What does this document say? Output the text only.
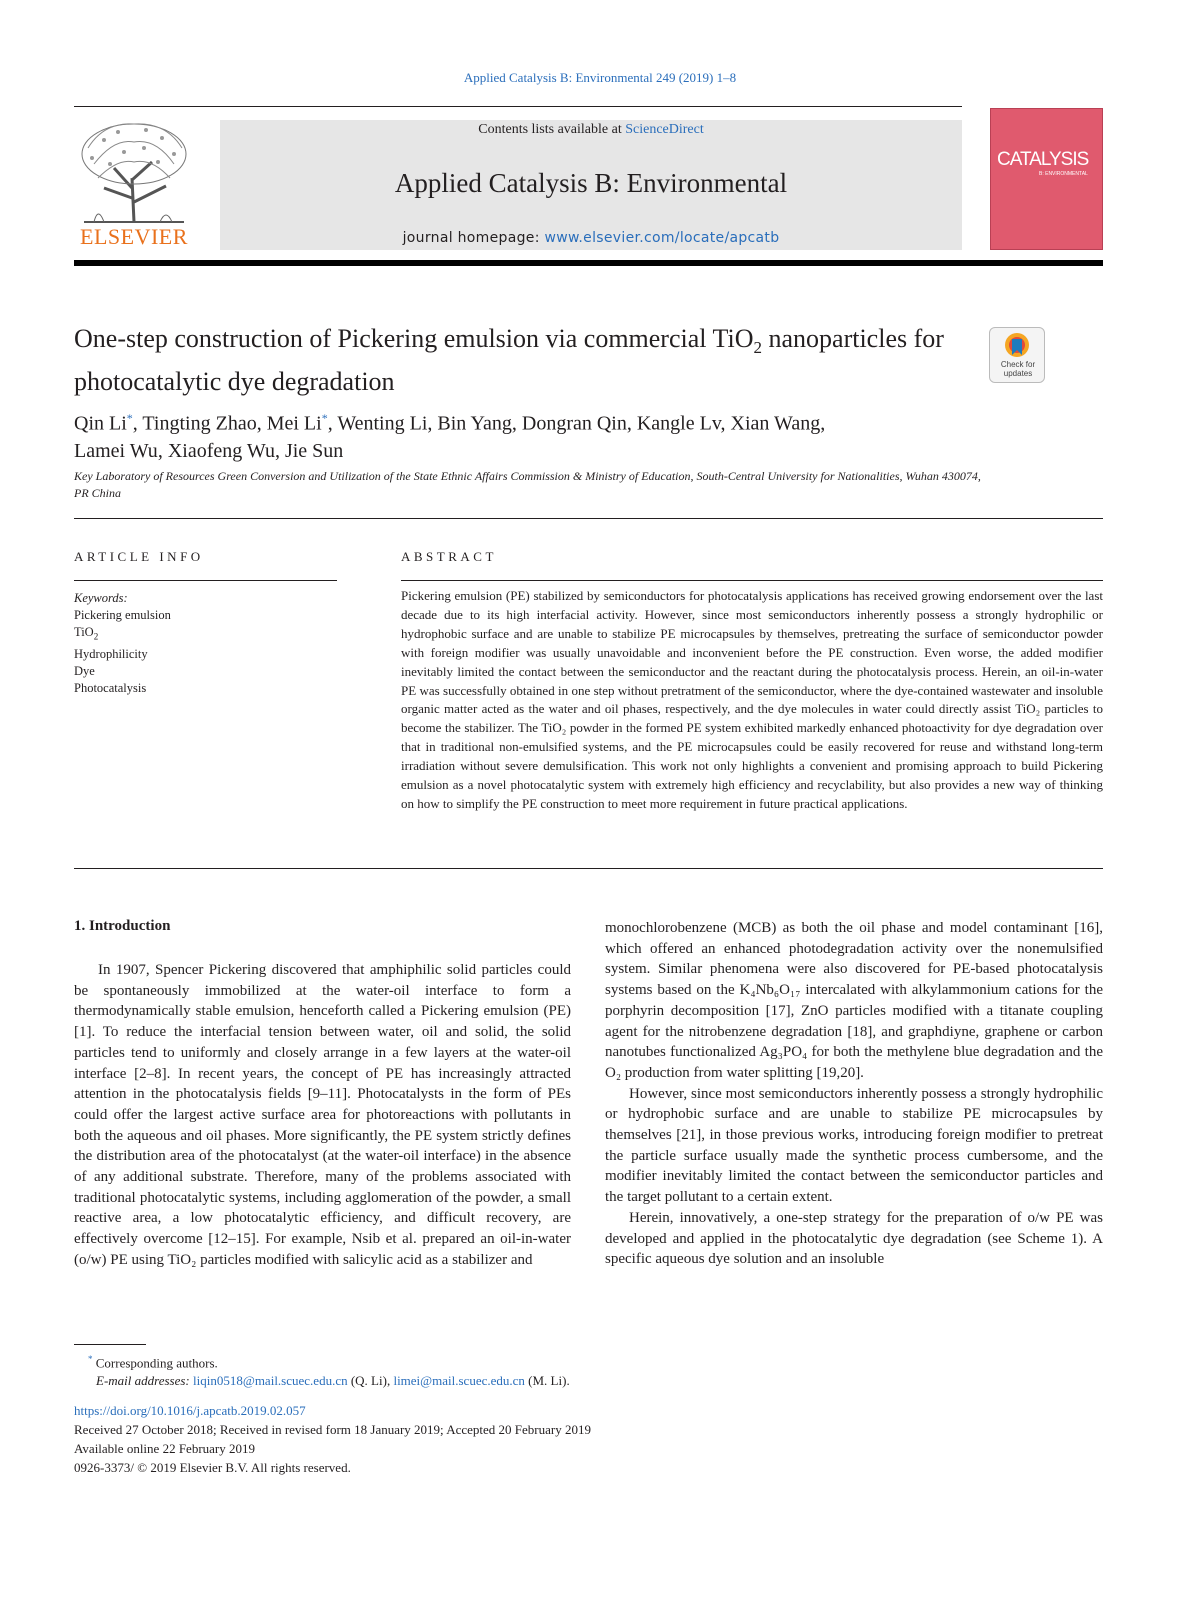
Applied Catalysis B: Environmental 249 (2019) 1–8
ELSEVIER
Contents lists available at ScienceDirect
Applied Catalysis B: Environmental
journal homepage: www.elsevier.com/locate/apcatb
CATALYSIS
B: ENVIRONMENTAL
One-step construction of Pickering emulsion via commercial TiO$_2$ nanoparticles for photocatalytic dye degradation
Check for updates
Qin Li*, Tingting Zhao, Mei Li*, Wenting Li, Bin Yang, Dongran Qin, Kangle Lv, Xian Wang,
Lamei Wu, Xiaofeng Wu, Jie Sun
Key Laboratory of Resources Green Conversion and Utilization of the State Ethnic Affairs Commission & Ministry of Education, South-Central University for Nationalities, Wuhan 430074, PR China
ARTICLE INFO	ABSTRACT
Keywords:
Pickering emulsion
TiO$_2$
Hydrophilicity
Dye
Photocatalysis
Pickering emulsion (PE) stabilized by semiconductors for photocatalysis applications has received growing endorsement over the last decade due to its high interfacial activity. However, since most semiconductors inherently possess a strongly hydrophilic or hydrophobic surface and are unable to stabilize PE microcapsules by themselves, pretreating the surface of semiconductor powder with foreign modifier was usually unavoidable and inconvenient before the PE construction. Even worse, the added modifier inevitably limited the contact between the semiconductor and the reactant during the photocatalysis process. Herein, an oil-in-water PE was successfully obtained in one step without pretratment of the semiconductor, where the dye-contained wastewater and insoluble organic matter acted as the water and oil phases, respectively, and the dye molecules in water could directly assist TiO₂ particles to become the stabilizer. The TiO₂ powder in the formed PE system exhibited markedly enhanced photoactivity for dye degradation over that in traditional non-emulsified systems, and the PE microcapsules could be easily recovered for reuse and withstand long-term irradiation without severe demulsification. This work not only highlights a convenient and promising approach to build Pickering emulsion as a novel photocatalytic system with extremely high efficiency and recyclability, but also provides a new way of thinking on how to simplify the PE construction to meet more requirement in future practical applications.
1. Introduction

In 1907, Spencer Pickering discovered that amphiphilic solid particles could be spontaneously immobilized at the water-oil interface to form a thermodynamically stable emulsion, henceforth called a Pickering emulsion (PE) [1]. To reduce the interfacial tension between water, oil and solid, the solid particles tend to uniformly and closely arrange in a few layers at the water-oil interface [2–8]. In recent years, the concept of PE has increasingly attracted attention in the photocatalysis fields [9–11]. Photocatalysts in the form of PEs could offer the largest active surface area for photoreactions with pollutants in both the aqueous and oil phases. More significantly, the PE system strictly defines the distribution area of the photocatalyst (at the water-oil interface) in the absence of any additional substrate. Therefore, many of the problems associated with traditional photocatalytic systems, including agglomeration of the powder, a small reactive area, a low photocatalytic efficiency, and difficult recovery, are effectively overcome [12–15]. For example, Nsib et al. prepared an oil-in-water (o/w) PE using TiO₂ particles modified with salicylic acid as a stabilizer and

monochlorobenzene (MCB) as both the oil phase and model contaminant [16], which offered an enhanced photodegradation activity over the nonemulsified system. Similar phenomena were also discovered for PE-based photocatalysis systems based on the K₄Nb₆O₁₇ intercalated with alkylammonium cations for the porphyrin decomposition [17], ZnO particles modified with a titanate coupling agent for the nitrobenzene degradation [18], and graphdiyne, graphene or carbon nanotubes functionalized Ag₃PO₄ for both the methylene blue degradation and the O₂ production from water splitting [19,20].

However, since most semiconductors inherently possess a strongly hydrophilic or hydrophobic surface and are unable to stabilize PE microcapsules by themselves [21], in those previous works, introducing foreign modifier to pretreat the particle surface usually made the synthetic process cumbersome, and the modifier inevitably limited the contact between the semiconductor particles and the target pollutant to a certain extent.

Herein, innovatively, a one-step strategy for the preparation of o/w PE was developed and applied in the photocatalytic dye degradation (see Scheme 1). A specific aqueous dye solution and an insoluble

* Corresponding authors.
E-mail addresses: liqin0518@mail.scuec.edu.cn (Q. Li), limei@mail.scuec.edu.cn (M. Li).
https://doi.org/10.1016/j.apcatb.2019.02.057
Received 27 October 2018; Received in revised form 18 January 2019; Accepted 20 February 2019
Available online 22 February 2019
0926-3373/ © 2019 Elsevier B.V. All rights reserved.
